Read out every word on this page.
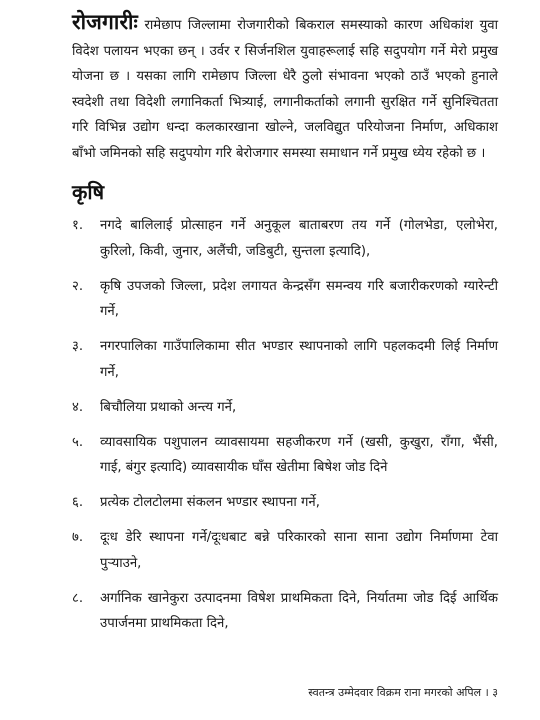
रोजगारीः रामेछाप जिल्लामा रोजगारीको बिकराल समस्याको कारण अधिकांश युवा विदेश पलायन भएका छन् । उर्वर र सिर्जनशिल युवाहरूलाई सहि सदुपयोग गर्ने मेरो प्रमुख योजना छ । यसका लागि रामेछाप जिल्ला धेरै ठुलो संभावना भएको ठाउँ भएको हुनाले स्वदेशी तथा विदेशी लगानिकर्ता भित्र्याई, लगानीकर्ताको लगानी सुरक्षित गर्ने सुनिश्चितता गरि विभिन्न उद्योग धन्दा कलकारखाना खोल्ने, जलविद्युत परियोजना निर्माण, अधिकाश बाँभो जमिनको सहि सदुपयोग गरि बेरोजगार समस्या समाधान गर्ने प्रमुख ध्येय रहेको छ ।

कृषि
१.	नगदे बालिलाई प्रोत्साहन गर्ने अनुकूल बाताबरण तय गर्ने (गोलभेडा, एलोभेरा, कुरिलो, किवी, जुनार, अलैंची, जडिबुटी, सुन्तला इत्यादि),
२.	कृषि उपजको जिल्ला, प्रदेश लगायत केन्द्रसँग समन्वय गरि बजारीकरणको ग्यारेन्टी गर्ने,
३.	नगरपालिका गाउँपालिकामा सीत भण्डार स्थापनाको लागि पहलकदमी लिई निर्माण गर्ने,
४.	बिचौलिया प्रथाको अन्त्य गर्ने,
५.	व्यावसायिक पशुपालन व्यावसायमा सहजीकरण गर्ने (खसी, कुखुरा, राँगा, भैंसी, गाई, बंगुर इत्यादि) व्यावसायीक घाँस खेतीमा बिषेश जोड दिने
६.	प्रत्येक टोलटोलमा संकलन भण्डार स्थापना गर्ने,
७.	दूःध डेरि स्थापना गर्ने/दूःधबाट बन्ने परिकारको साना साना उद्योग निर्माणमा टेवा पुर्‍याउने,
८.	अर्गानिक खानेकुरा उत्पादनमा विषेश प्राथमिकता दिने, निर्यातमा जोड दिई आर्थिक उपार्जनमा प्राथमिकता दिने,
स्वतन्त्र उम्मेदवार विक्रम राना मगरको अपिल । ३
